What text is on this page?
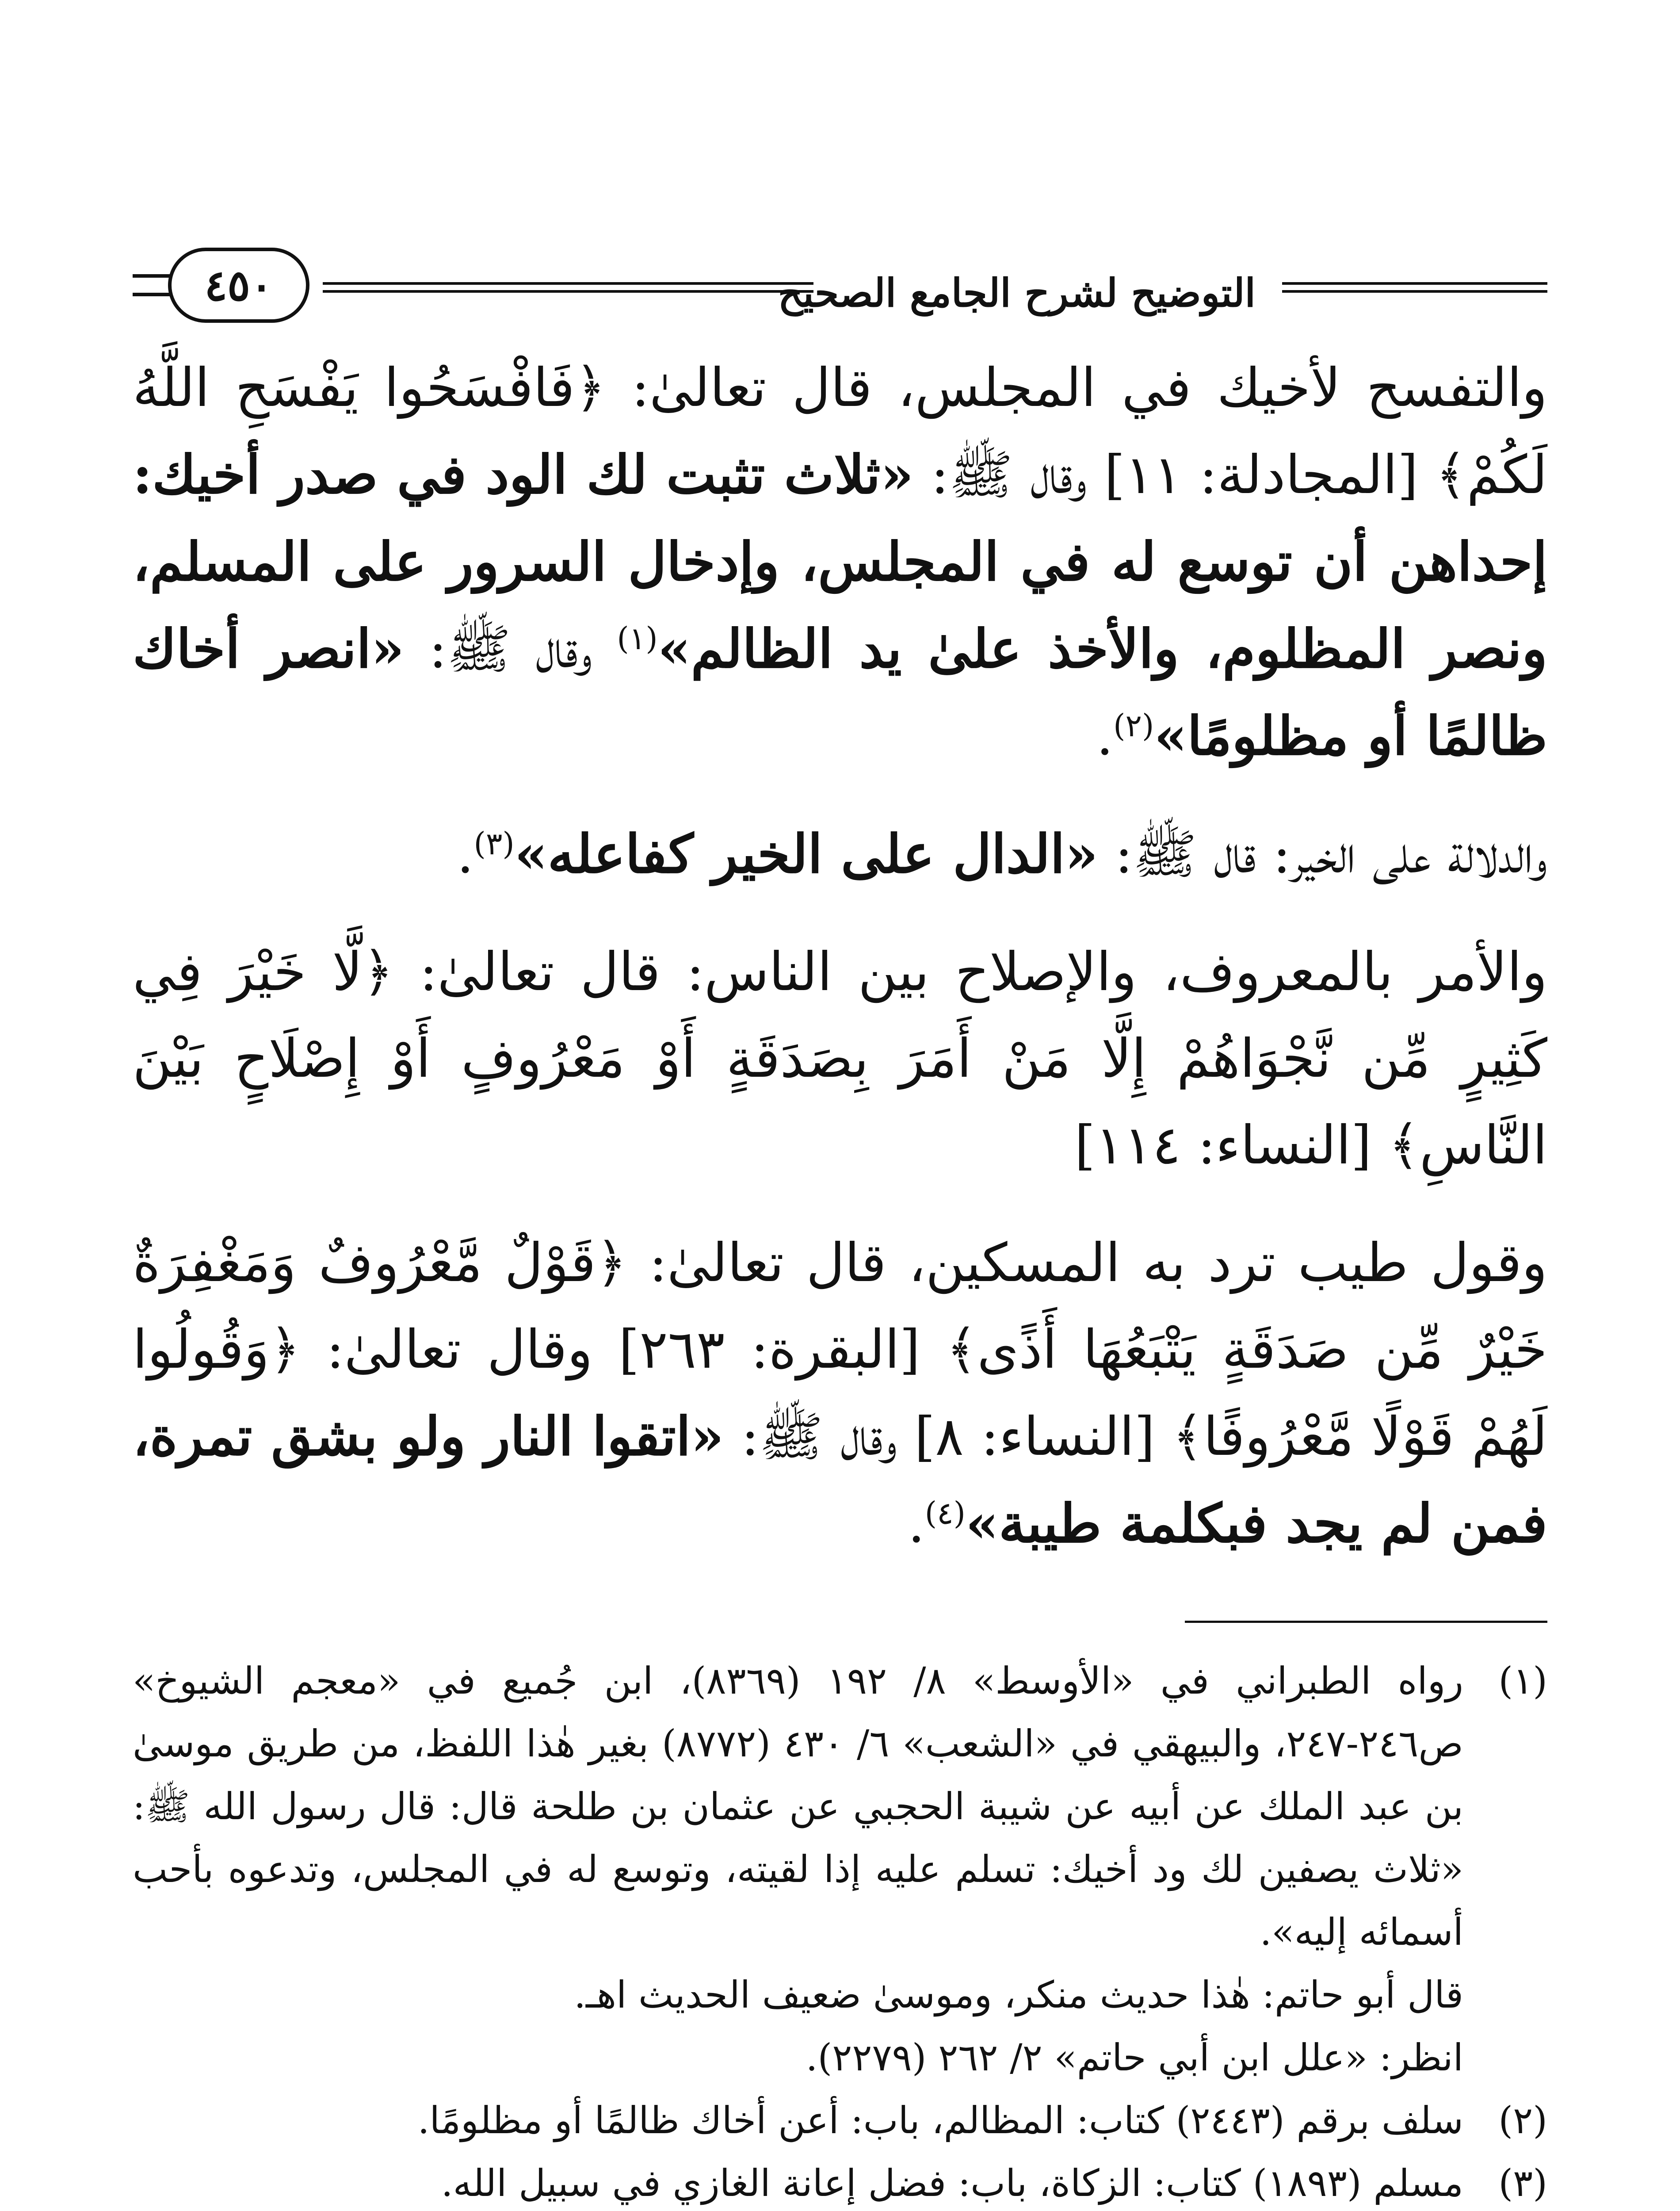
التوضيح لشرح الجامع الصحيح
٤٥٠

والتفسح لأخيك في المجلس، قال تعالىٰ: ﴿فَافْسَحُوا يَفْسَحِ اللَّهُ لَكُمْ﴾ [المجادلة: ١١] وقال ﷺ: «ثلاث تثبت لك الود في صدر أخيك: إحداهن أن توسع له في المجلس، وإدخال السرور على المسلم، ونصر المظلوم، والأخذ علىٰ يد الظالم»$^{(١)}$ وقال ﷺ: «انصر أخاك ظالمًا أو مظلومًا»$^{(٢)}$.

والدلالة على الخير: قال ﷺ: «الدال على الخير كفاعله»$^{(٣)}$.

والأمر بالمعروف، والإصلاح بين الناس: قال تعالىٰ: ﴿لَّا خَيْرَ فِي كَثِيرٍ مِّن نَّجْوَاهُمْ إِلَّا مَنْ أَمَرَ بِصَدَقَةٍ أَوْ مَعْرُوفٍ أَوْ إِصْلَاحٍ بَيْنَ النَّاسِ﴾ [النساء: ١١٤]

وقول طيب ترد به المسكين، قال تعالىٰ: ﴿قَوْلٌ مَّعْرُوفٌ وَمَغْفِرَةٌ خَيْرٌ مِّن صَدَقَةٍ يَتْبَعُهَا أَذًى﴾ [البقرة: ٢٦٣] وقال تعالىٰ: ﴿وَقُولُوا لَهُمْ قَوْلًا مَّعْرُوفًا﴾ [النساء: ٨] وقال ﷺ: «اتقوا النار ولو بشق تمرة، فمن لم يجد فبكلمة طيبة»$^{(٤)}$.

(١)
رواه الطبراني في «الأوسط» ٨/ ١٩٢ (٨٣٦٩)، ابن جُميع في «معجم الشيوخ» ص٢٤٦-٢٤٧، والبيهقي في «الشعب» ٦/ ٤٣٠ (٨٧٧٢) بغير هٰذا اللفظ، من طريق موسىٰ بن عبد الملك عن أبيه عن شيبة الحجبي عن عثمان بن طلحة قال: قال رسول الله ﷺ: «ثلاث يصفين لك ود أخيك: تسلم عليه إذا لقيته، وتوسع له في المجلس، وتدعوه بأحب أسمائه إليه».
قال أبو حاتم: هٰذا حديث منكر، وموسىٰ ضعيف الحديث اهـ.
انظر: «علل ابن أبي حاتم» ٢/ ٢٦٢ (٢٢٧٩).
(٢)
سلف برقم (٢٤٤٣) كتاب: المظالم، باب: أعن أخاك ظالمًا أو مظلومًا.
(٣)
مسلم (١٨٩٣) كتاب: الزكاة، باب: فضل إعانة الغازي في سبيل الله.
